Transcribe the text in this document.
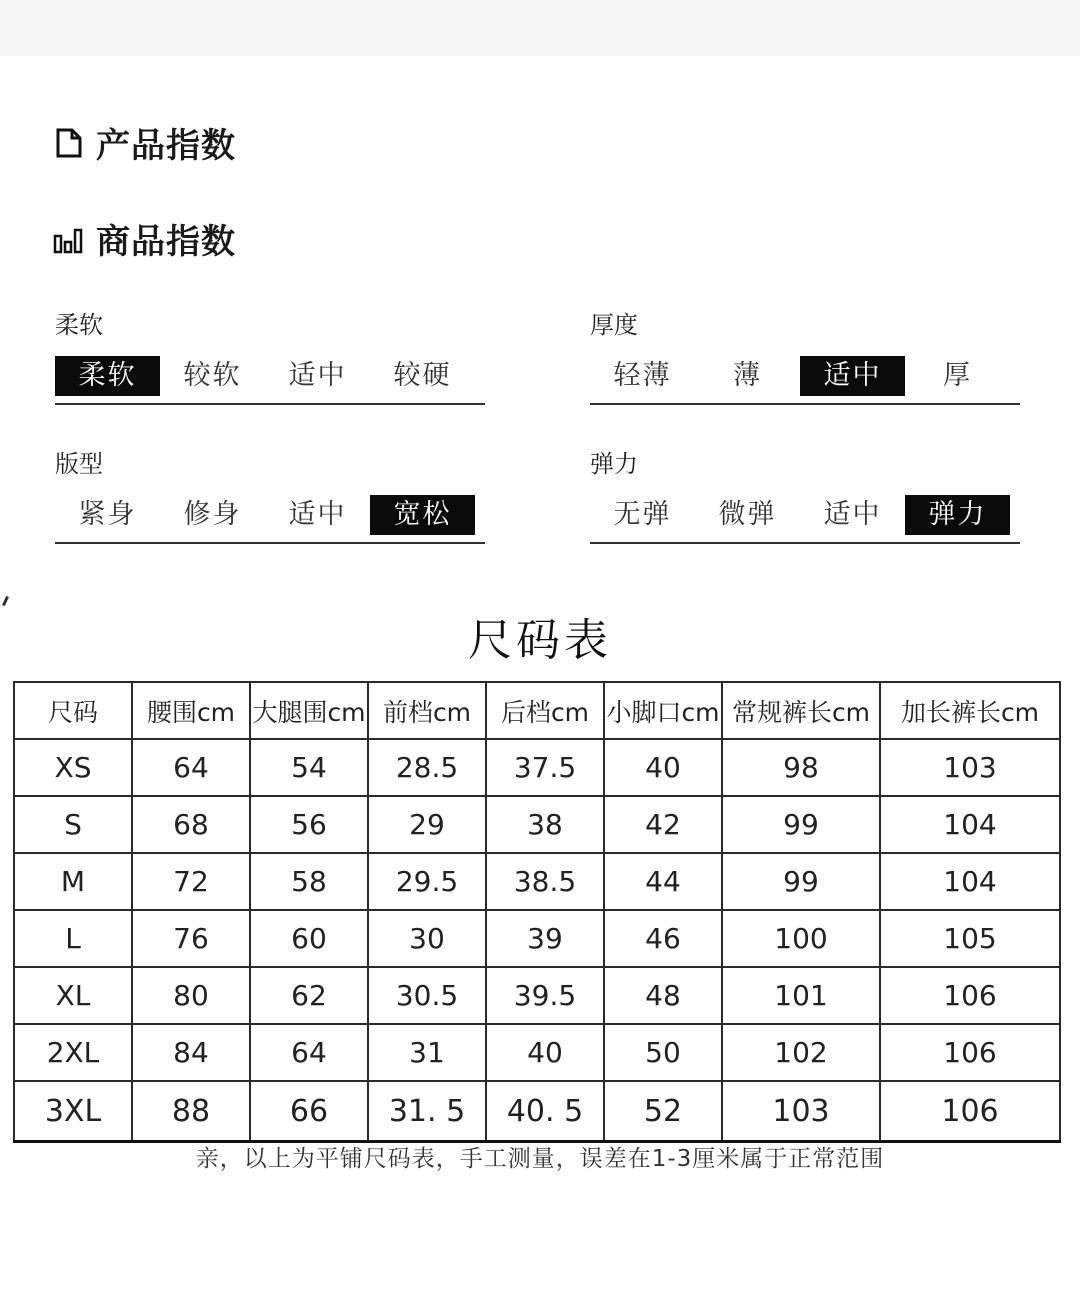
产品指数
商品指数
柔软
柔软	较软	适中	较硬
厚度
轻薄	薄	适中	厚
版型
紧身	修身	适中	宽松
弹力
无弹	微弹	适中	弹力
尺码表
尺码	腰围cm	大腿围cm	前档cm	后档cm	小脚口cm	常规裤长cm	加长裤长cm
XS	64	54	28.5	37.5	40	98	103
S	68	56	29	38	42	99	104
M	72	58	29.5	38.5	44	99	104
L	76	60	30	39	46	100	105
XL	80	62	30.5	39.5	48	101	106
2XL	84	64	31	40	50	102	106
3XL	88	66	31. 5	40. 5	52	103	106
亲，以上为平铺尺码表，手工测量，误差在1-3厘米属于正常范围
